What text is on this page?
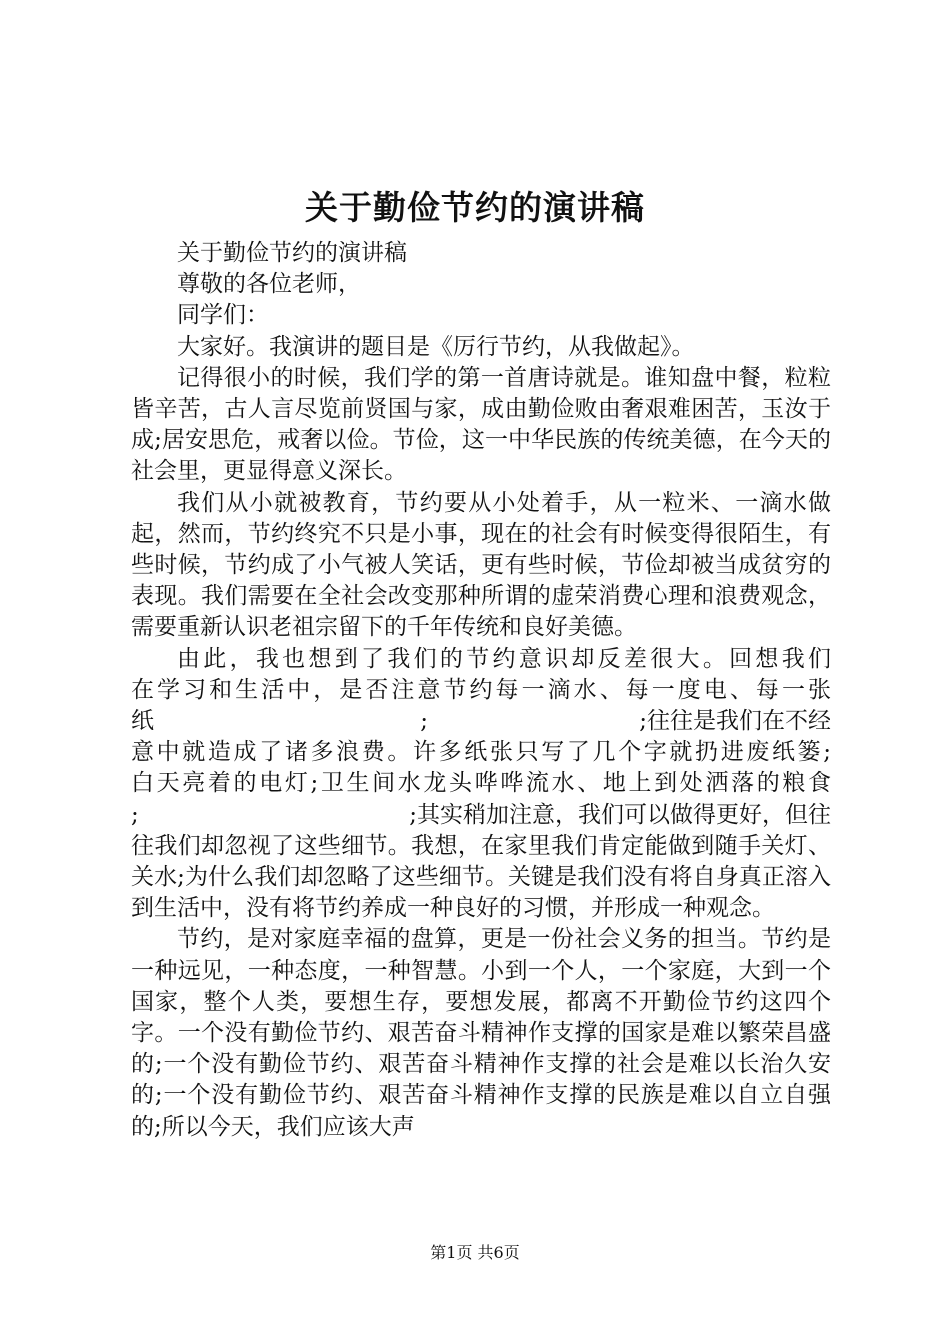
关于勤俭节约的演讲稿

关于勤俭节约的演讲稿

尊敬的各位老师，

同学们：

大家好。我演讲的题目是《厉行节约，从我做起》。

记得很小的时候，我们学的第一首唐诗就是。谁知盘中餐，粒粒皆辛苦，古人言尽览前贤国与家，成由勤俭败由奢艰难困苦，玉汝于成;居安思危，戒奢以俭。节俭，这一中华民族的传统美德，在今天的社会里，更显得意义深长。

我们从小就被教育，节约要从小处着手，从一粒米、一滴水做起，然而，节约终究不只是小事，现在的社会有时候变得很陌生，有些时候，节约成了小气被人笑话，更有些时候，节俭却被当成贫穷的表现。我们需要在全社会改变那种所谓的虚荣消费心理和浪费观念，需要重新认识老祖宗留下的千年传统和良好美德。

由此，我也想到了我们的节约意识却反差很大。回想我们
在学习和生活中，是否注意节约每一滴水、每一度电、每一张
纸	;	;往往是我们在不经
意中就造成了诸多浪费。许多纸张只写了几个字就扔进废纸篓;
白天亮着的电灯;卫生间水龙头哗哗流水、地上到处洒落的粮食
;	;其实稍加注意，我们可以做得更好，但往
往我们却忽视了这些细节。我想，在家里我们肯定能做到随手关灯、关水;为什么我们却忽略了这些细节。关键是我们没有将自身真正溶入到生活中，没有将节约养成一种良好的习惯，并形成一种观念。

节约，是对家庭幸福的盘算，更是一份社会义务的担当。节约是一种远见，一种态度，一种智慧。小到一个人，一个家庭，大到一个国家，整个人类，要想生存，要想发展，都离不开勤俭节约这四个字。一个没有勤俭节约、艰苦奋斗精神作支撑的国家是难以繁荣昌盛的;一个没有勤俭节约、艰苦奋斗精神作支撑的社会是难以长治久安的;一个没有勤俭节约、艰苦奋斗精神作支撑的民族是难以自立自强的;所以今天，我们应该大声

第1页 共6页
